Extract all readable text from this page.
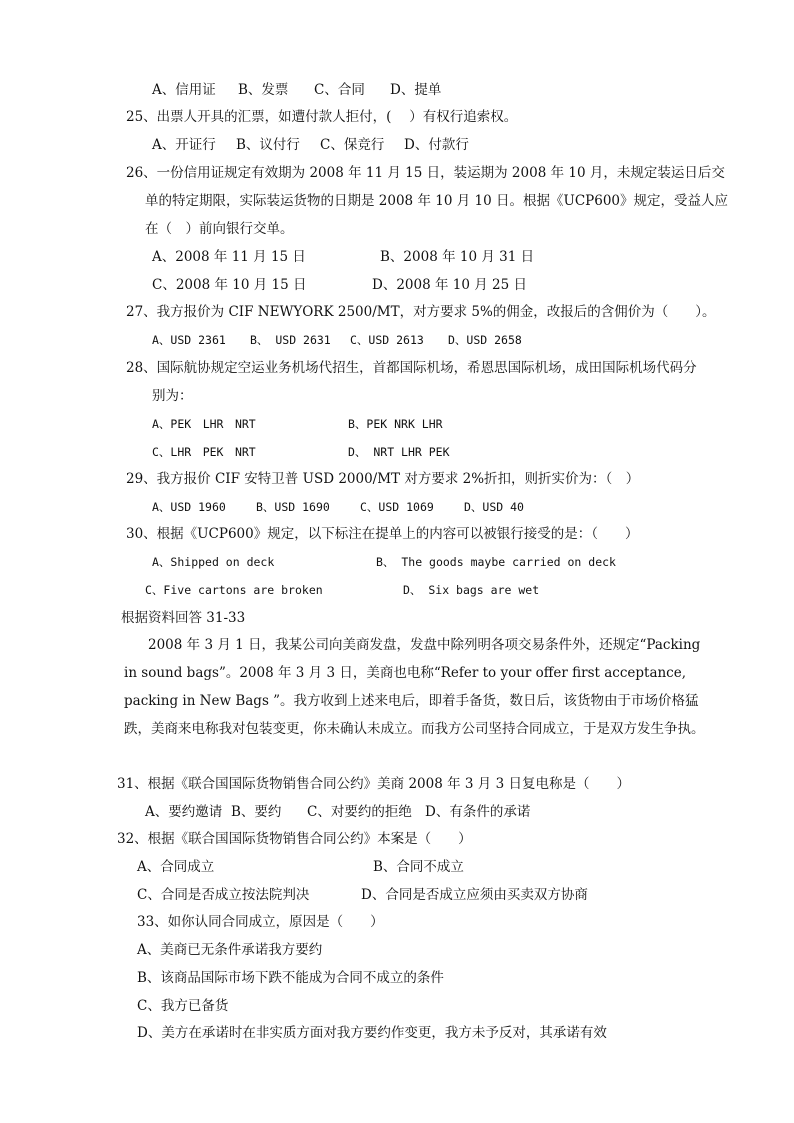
A、信用证 B、发票 C、合同 D、提单
25、出票人开具的汇票，如遭付款人拒付，(　 ）有权行追索权。
A、开证行 B、议付行 C、保竞行 D、付款行
26、一份信用证规定有效期为 2008 年 11 月 15 日，装运期为 2008 年 10 月，未规定装运日后交
单的特定期限，实际装运货物的日期是 2008 年 10 月 10 日。根据《UCP600》规定，受益人应
在（　）前向银行交单。
A、2008 年 11 月 15 日	B、2008 年 10 月 31 日
C、2008 年 10 月 15 日	D、2008 年 10 月 25 日
27、我方报价为 CIF NEWYORK 2500/MT，对方要求 5%的佣金，改报后的含佣价为（　　）。
A、USD 2361 B、 USD 2631 C、USD 2613 D、USD 2658
28、国际航协规定空运业务机场代招生，首都国际机场，希恩思国际机场，成田国际机场代码分
别为：
A、PEK　LHR　NRT	B、PEK NRK LHR
C、LHR　PEK　NRT	D、 NRT LHR PEK
29、我方报价 CIF 安特卫普 USD 2000/MT 对方要求 2%折扣，则折实价为：（　）
A、USD 1960	B、USD 1690	C、USD 1069	D、USD 40
30、根据《UCP600》规定，以下标注在提单上的内容可以被银行接受的是：（　　）
A、Shipped on deck	B、 The goods maybe carried on deck
C、Five cartons are broken	D、 Six bags are wet
根据资料回答 31-33
2008 年 3 月 1 日，我某公司向美商发盘，发盘中除列明各项交易条件外，还规定“Packing
in sound bags”。2008 年 3 月 3 日，美商也电称“Refer to your offer first acceptance,
packing in New Bags ”。我方收到上述来电后，即着手备货，数日后，该货物由于市场价格猛
跌，美商来电称我对包装变更，你未确认未成立。而我方公司坚持合同成立，于是双方发生争执。
31、根据《联合国国际货物销售合同公约》美商 2008 年 3 月 3 日复电称是（　　）
A、要约邀请 B、要约 C、对要约的拒绝 D、有条件的承诺
32、根据《联合国国际货物销售合同公约》本案是（　　）
A、合同成立	B、合同不成立
C、合同是否成立按法院判决	D、合同是否成立应须由买卖双方协商
33、如你认同合同成立，原因是（　　）
A、美商已无条件承诺我方要约
B、该商品国际市场下跌不能成为合同不成立的条件
C、我方已备货
D、美方在承诺时在非实质方面对我方要约作变更，我方未予反对，其承诺有效
